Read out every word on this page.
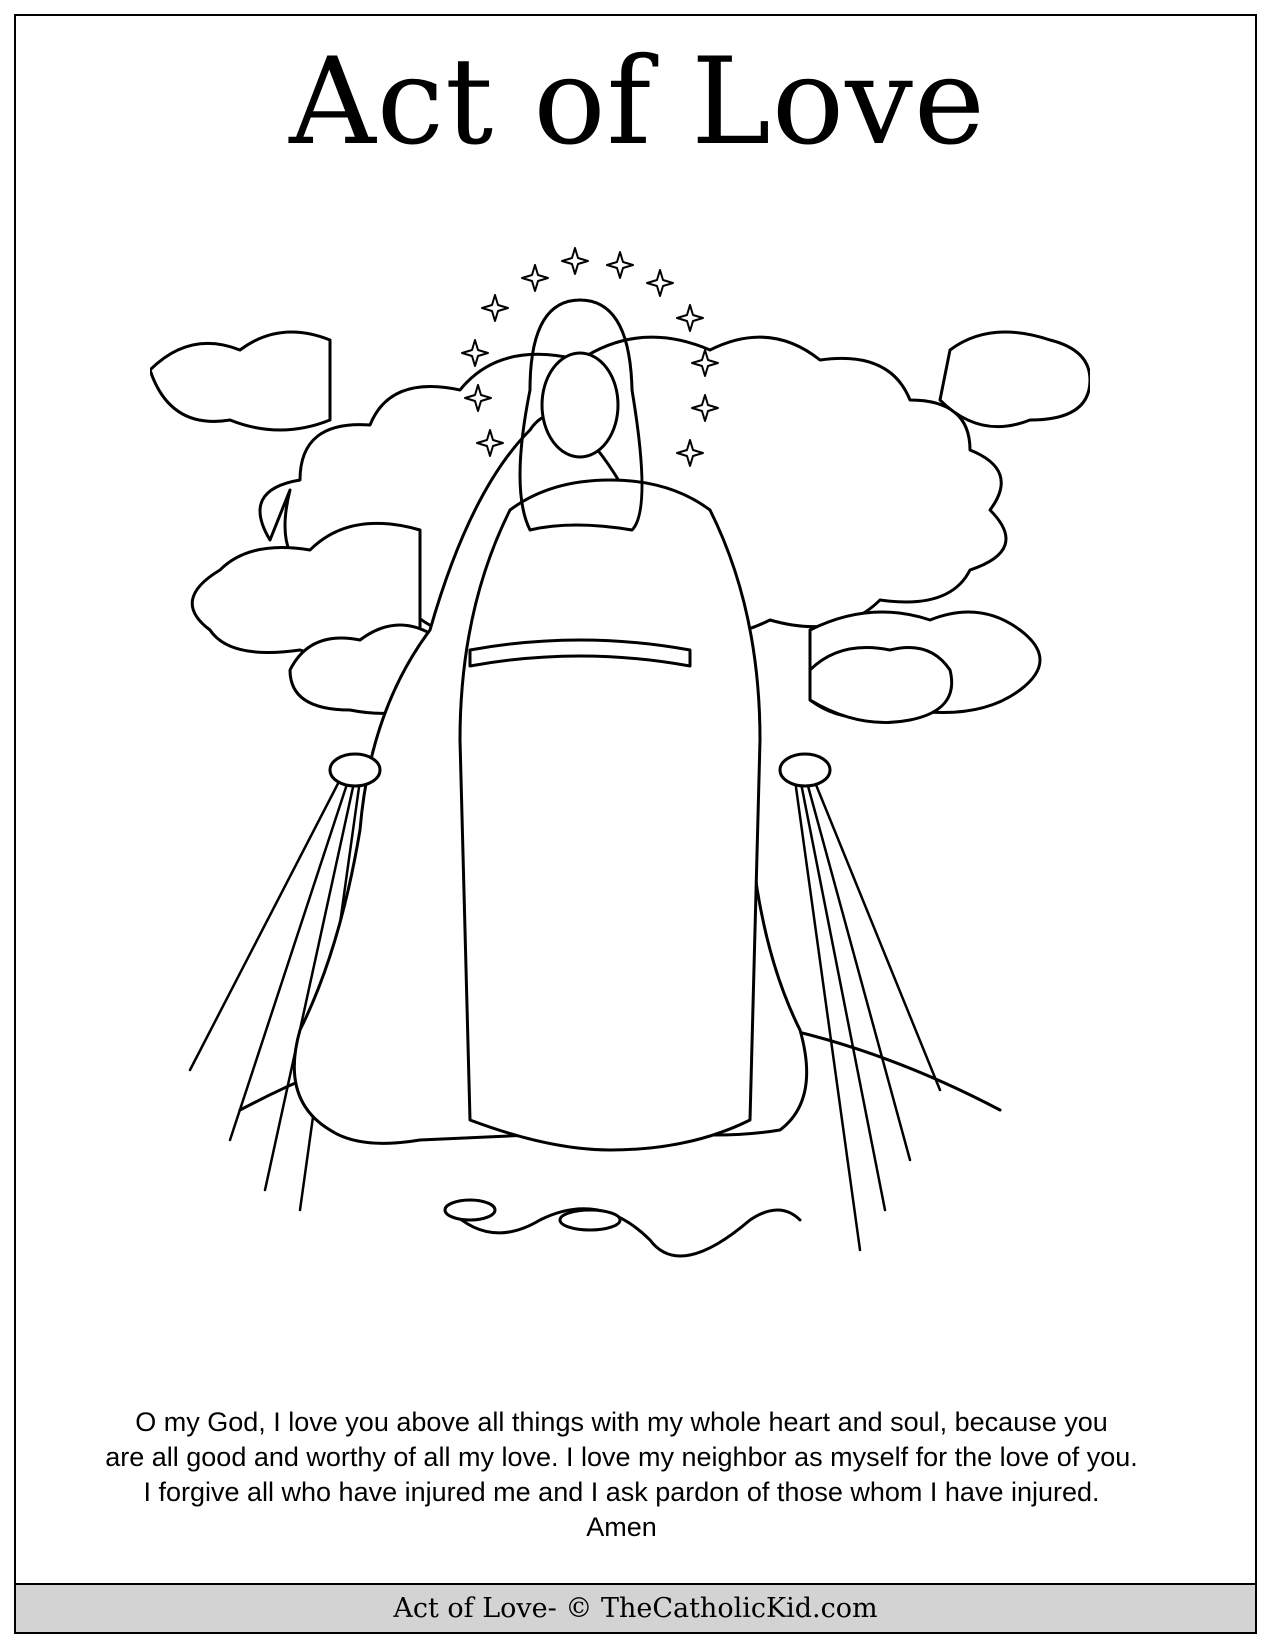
Act of Love
O my God, I love you above all things with my whole heart and soul, because you
are all good and worthy of all my love. I love my neighbor as myself for the love of you.
I forgive all who have injured me and I ask pardon of those whom I have injured.
Amen
Act of Love- © TheCatholicKid.com
